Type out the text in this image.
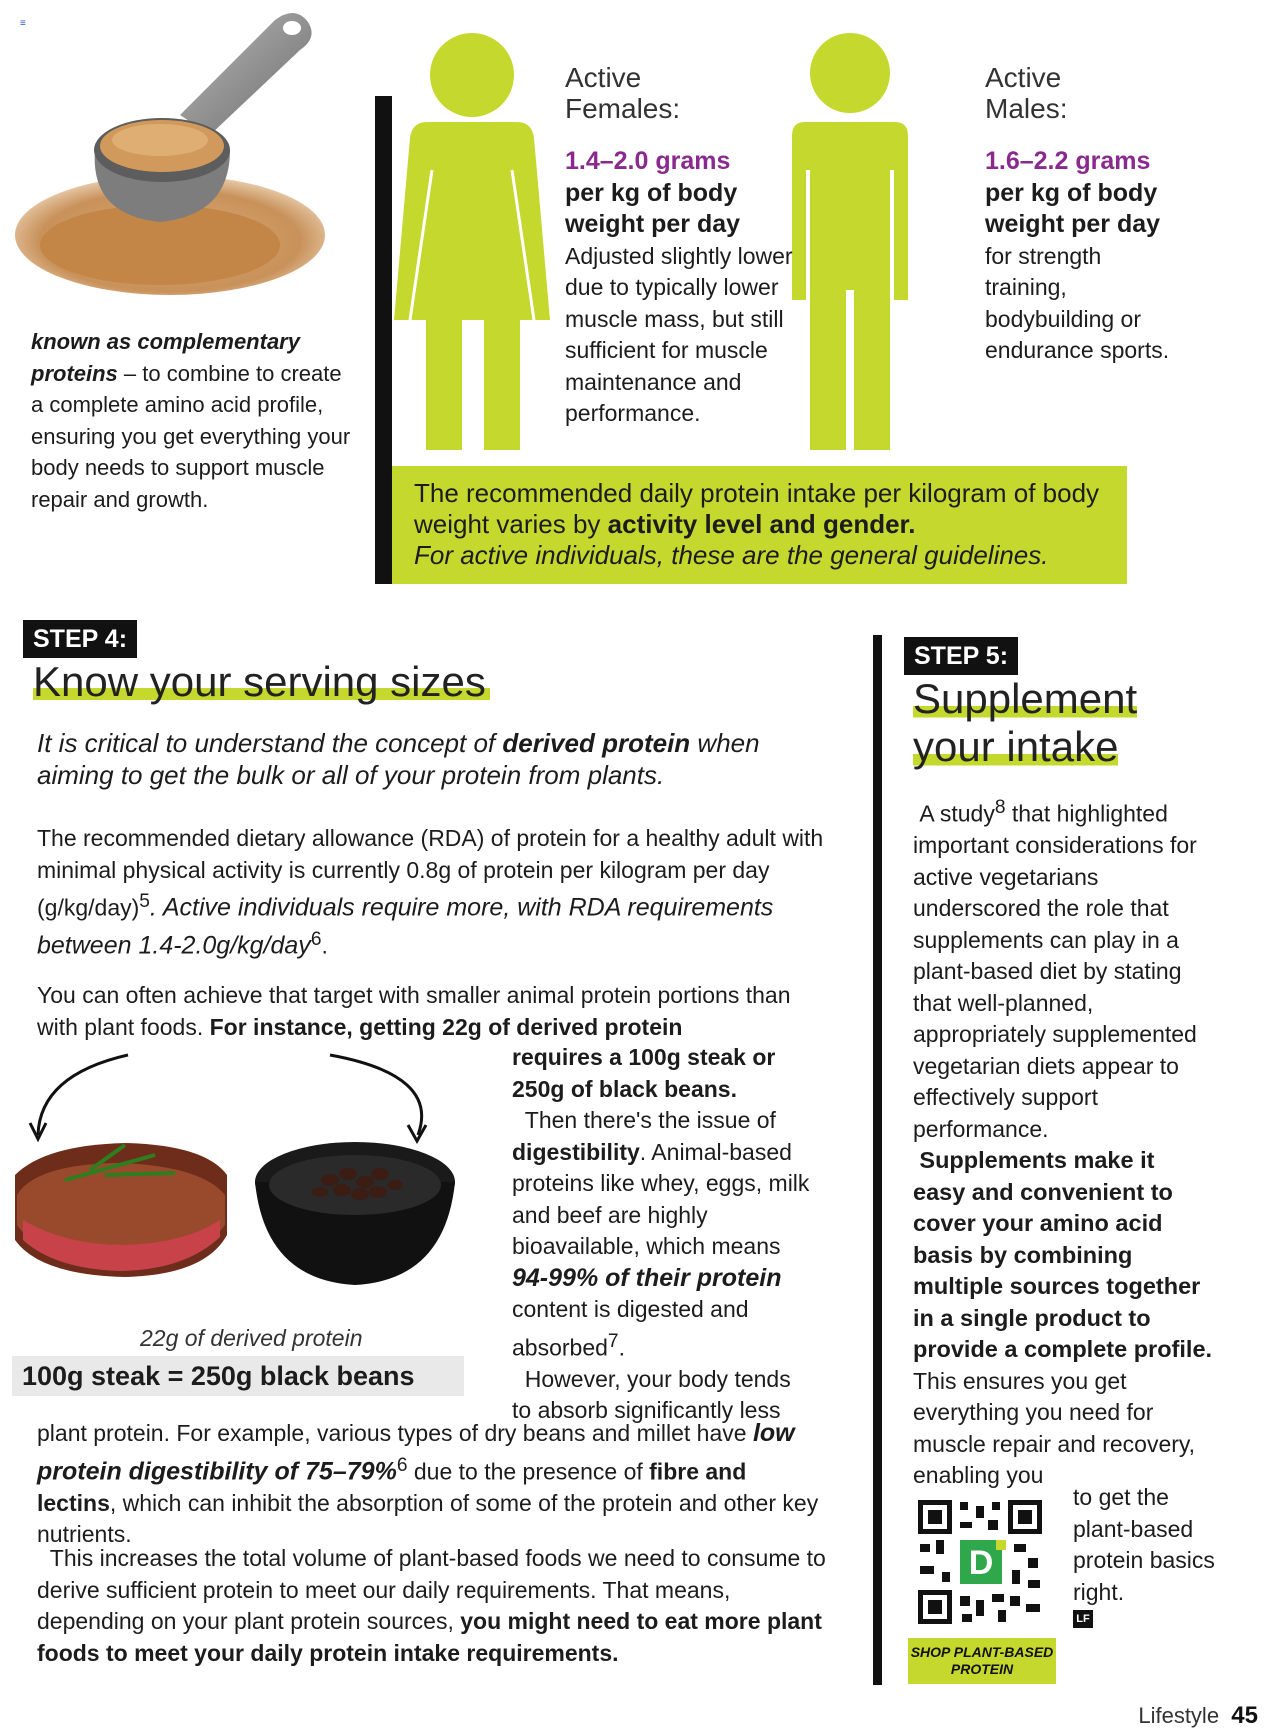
≡
known as complementary proteins – to combine to create a complete amino acid profile, ensuring you get everything your body needs to support muscle repair and growth.
Active Females:
1.4–2.0 grams
per kg of body weight per day
Adjusted slightly lower due to typically lower muscle mass, but still sufficient for muscle maintenance and performance.
Active Males:
1.6–2.2 grams
per kg of body weight per day for strength training, bodybuilding or endurance sports.
The recommended daily protein intake per kilogram of body weight varies by activity level and gender.
For active individuals, these are the general guidelines.
STEP 4:
Know your serving sizes
It is critical to understand the concept of derived protein when aiming to get the bulk or all of your protein from plants.
The recommended dietary allowance (RDA) of protein for a healthy adult with minimal physical activity is currently 0.8g of protein per kilogram per day $(g/kg/day)^5$. Active individuals require more, with RDA requirements between 1.4-2.0g/kg/day$^6$.
You can often achieve that target with smaller animal protein portions than with plant foods. For instance, getting 22g of derived protein
requires a 100g steak or 250g of black beans.
Then there's the issue of digestibility. Animal-based proteins like whey, eggs, milk and beef are highly bioavailable, which means 94-99% of their protein content is digested and absorbed$^7$.
However, your body tends to absorb significantly less
22g of derived protein
100g steak = 250g black beans
plant protein. For example, various types of dry beans and millet have low protein digestibility of 75–79%$^6$ due to the presence of fibre and lectins, which can inhibit the absorption of some of the protein and other key nutrients.
This increases the total volume of plant-based foods we need to consume to derive sufficient protein to meet our daily requirements. That means, depending on your plant protein sources, you might need to eat more plant foods to meet your daily protein intake requirements.
STEP 5:
Supplement
your intake
A study$^8$ that highlighted important considerations for active vegetarians underscored the role that supplements can play in a plant-based diet by stating that well-planned, appropriately supplemented vegetarian diets appear to effectively support performance.
Supplements make it easy and convenient to cover your amino acid basis by combining multiple sources together in a single product to provide a complete profile. This ensures you get everything you need for muscle repair and recovery, enabling you
to get the plant-based protein basics right.
D
LF
SHOP PLANT-BASED PROTEIN
Lifestyle 45
